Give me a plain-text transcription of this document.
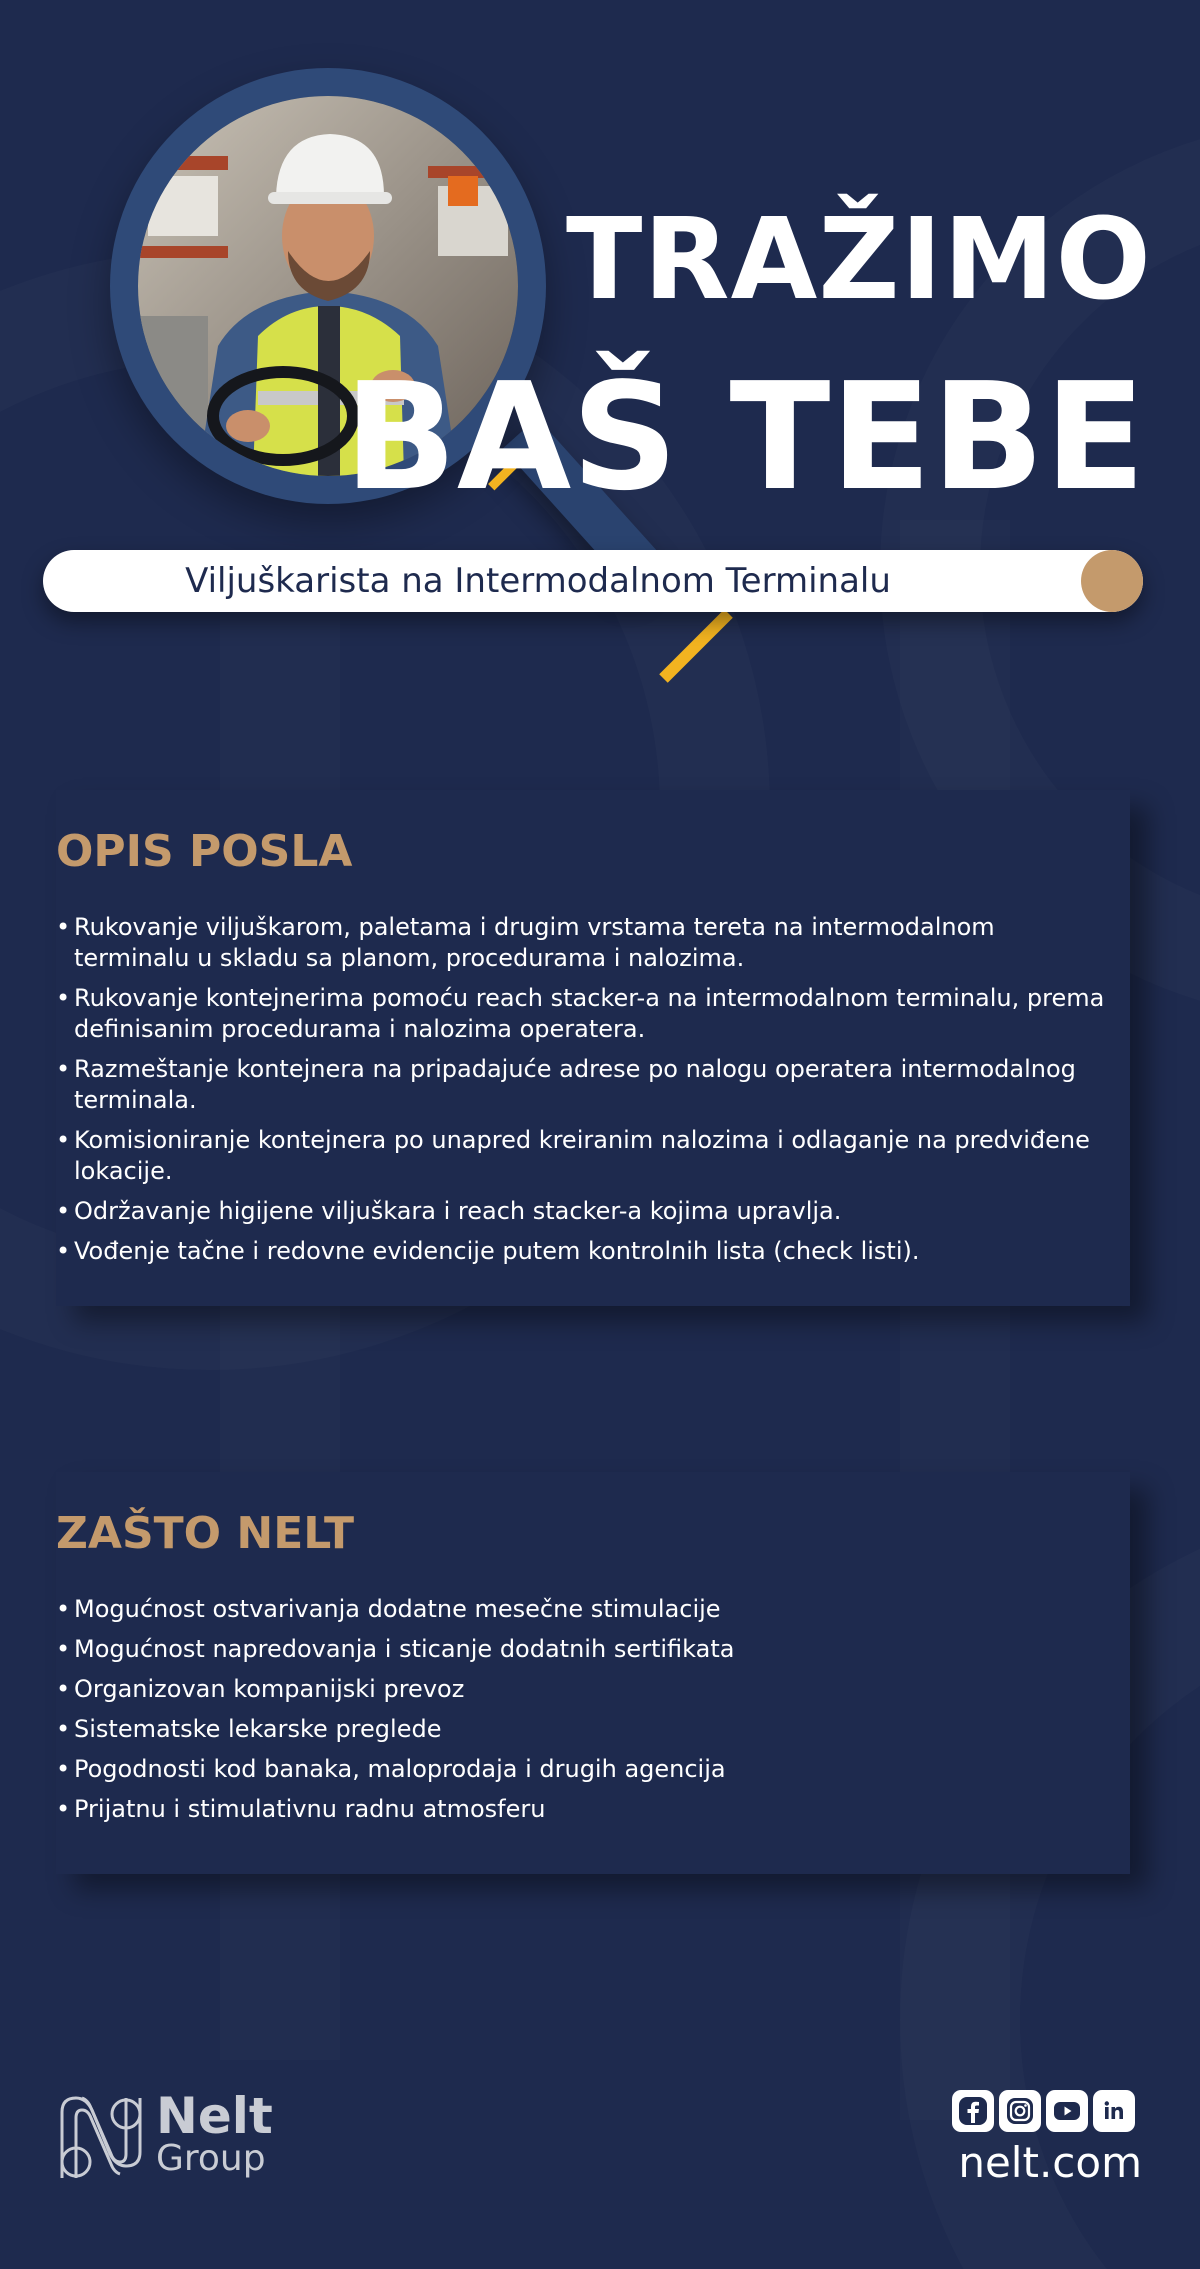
TRAŽIMO
BAŠ TEBE
Viljuškarista na Intermodalnom Terminalu
OPIS POSLA
• Rukovanje viljuškarom, paletama i drugim vrstama tereta na intermodalnom terminalu u skladu sa planom, procedurama i nalozima.
• Rukovanje kontejnerima pomoću reach stacker-a na intermodalnom terminalu, prema definisanim procedurama i nalozima operatera.
• Razmeštanje kontejnera na pripadajuće adrese po nalogu operatera intermodalnog terminala.
• Komisioniranje kontejnera po unapred kreiranim nalozima i odlaganje na predviđene lokacije.
• Održavanje higijene viljuškara i reach stacker-a kojima upravlja.
• Vođenje tačne i redovne evidencije putem kontrolnih lista (check listi).
ZAŠTO NELT
• Mogućnost ostvarivanja dodatne mesečne stimulacije
• Mogućnost napredovanja i sticanje dodatnih sertifikata
• Organizovan kompanijski prevoz
• Sistematske lekarske preglede
• Pogodnosti kod banaka, maloprodaja i drugih agencija
• Prijatnu i stimulativnu radnu atmosferu
Nelt
Group	nelt.com
